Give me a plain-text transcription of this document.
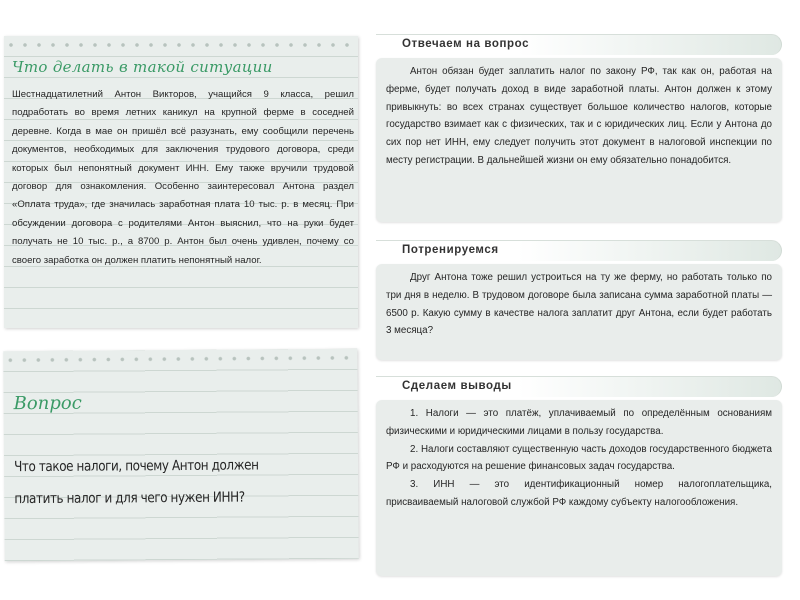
Что делать в такой ситуации
Шестнадцатилетний Антон Викторов, учащийся 9 класса, решил подработать во время летних каникул на крупной ферме в соседней деревне. Когда в мае он пришёл всё разузнать, ему сообщили перечень документов, необходимых для заключения трудового договора, среди которых был непонятный документ ИНН. Ему также вручили трудовой договор для ознакомления. Особенно заинтересовал Антона раздел «Оплата труда», где значилась заработная плата 10 тыс. р. в месяц. При обсуждении договора с родителями Антон выяснил, что на руки будет получать не 10 тыс. р., а 8700 р. Антон был очень удивлен, почему со своего заработка он должен платить непонятный налог.
Вопрос
Что такое налоги, почему Антон должен платить налог и для чего нужен ИНН?
Отвечаем на вопрос

Антон обязан будет заплатить налог по закону РФ, так как он, работая на ферме, будет получать доход в виде заработной платы. Антон должен к этому привыкнуть: во всех странах существует большое количество налогов, которые государство взимает как с физических, так и с юридических лиц. Если у Антона до сих пор нет ИНН, ему следует получить этот документ в налоговой инспекции по месту регистрации. В дальнейшей жизни он ему обязательно понадобится.

Потренируемся

Друг Антона тоже решил устроиться на ту же ферму, но работать только по три дня в неделю. В трудовом договоре была записана сумма заработной платы — 6500 р. Какую сумму в качестве налога заплатит друг Антона, если будет работать 3 месяца?

Сделаем выводы

1. Налоги — это платёж, уплачиваемый по определённым основаниям физическими и юридическими лицами в пользу государства.

2. Налоги составляют существенную часть доходов государственного бюджета РФ и расходуются на решение финансовых задач государства.

3. ИНН — это идентификационный номер налогоплательщика, присваиваемый налоговой службой РФ каждому субъекту налогообложения.
